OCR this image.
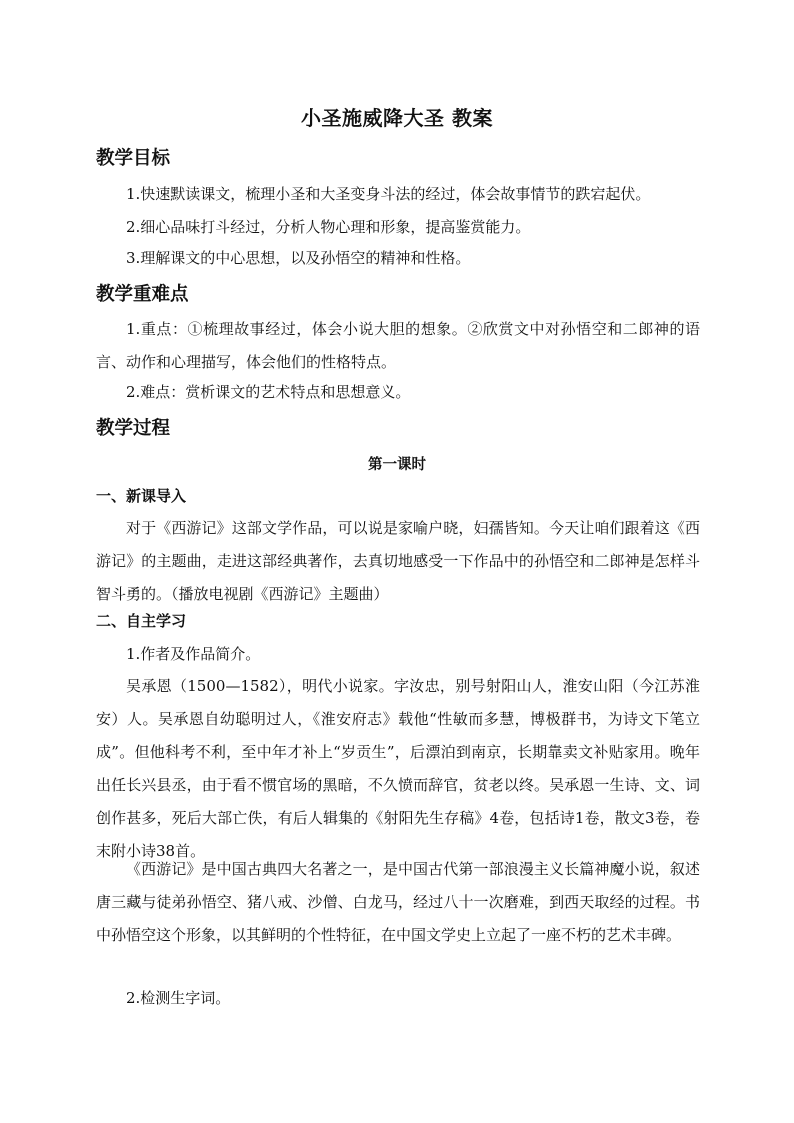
小圣施威降大圣 教案
教学目标
1.快速默读课文，梳理小圣和大圣变身斗法的经过，体会故事情节的跌宕起伏。
2.细心品味打斗经过，分析人物心理和形象，提高鉴赏能力。
3.理解课文的中心思想，以及孙悟空的精神和性格。
教学重难点
1.重点：①梳理故事经过，体会小说大胆的想象。②欣赏文中对孙悟空和二郎神的语言、动作和心理描写，体会他们的性格特点。
2.难点：赏析课文的艺术特点和思想意义。
教学过程
第一课时
一、新课导入
对于《西游记》这部文学作品，可以说是家喻户晓，妇孺皆知。今天让咱们跟着这《西游记》的主题曲，走进这部经典著作，去真切地感受一下作品中的孙悟空和二郎神是怎样斗智斗勇的。（播放电视剧《西游记》主题曲）
二、自主学习
1.作者及作品简介。
吴承恩（1500—1582），明代小说家。字汝忠，别号射阳山人，淮安山阳（今江苏淮安）人。吴承恩自幼聪明过人，《淮安府志》载他“性敏而多慧，博极群书，为诗文下笔立成”。但他科考不利，至中年才补上“岁贡生”，后漂泊到南京，长期靠卖文补贴家用。晚年出任长兴县丞，由于看不惯官场的黑暗，不久愤而辞官，贫老以终。吴承恩一生诗、文、词创作甚多，死后大部亡佚，有后人辑集的《射阳先生存稿》4卷，包括诗1卷，散文3卷，卷末附小诗38首。
《西游记》是中国古典四大名著之一，是中国古代第一部浪漫主义长篇神魔小说，叙述唐三藏与徒弟孙悟空、猪八戒、沙僧、白龙马，经过八十一次磨难，到西天取经的过程。书中孙悟空这个形象，以其鲜明的个性特征，在中国文学史上立起了一座不朽的艺术丰碑。
2.检测生字词。
